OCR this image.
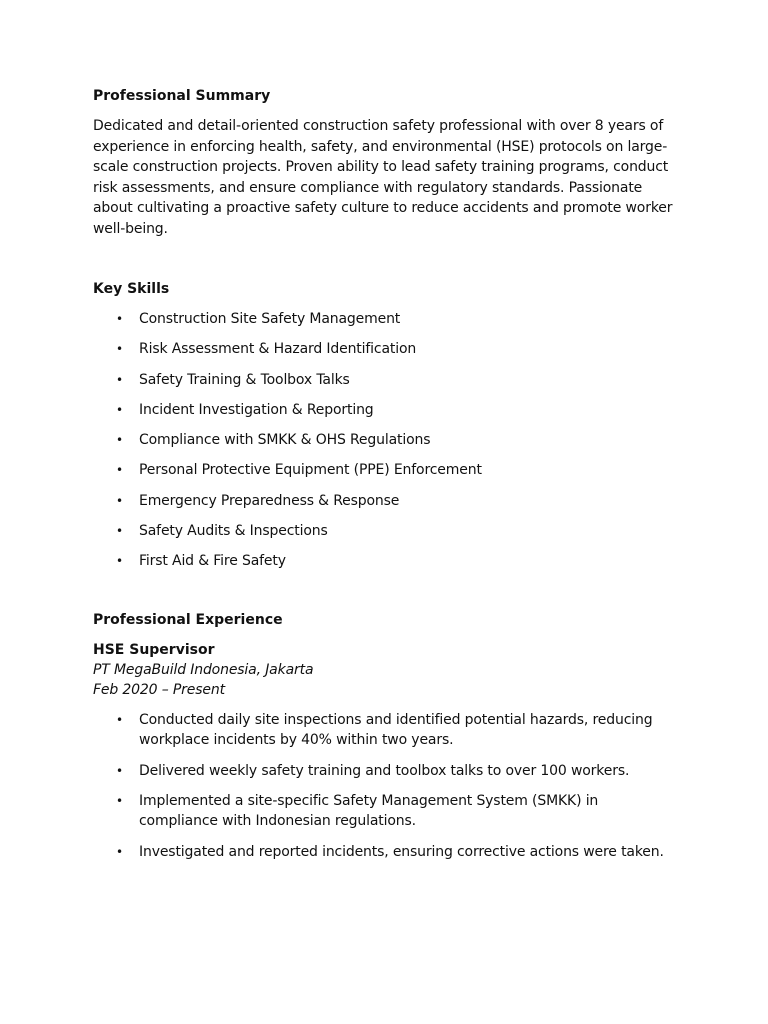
Professional Summary

Dedicated and detail-oriented construction safety professional with over 8 years of experience in enforcing health, safety, and environmental (HSE) protocols on large-scale construction projects. Proven ability to lead safety training programs, conduct risk assessments, and ensure compliance with regulatory standards. Passionate about cultivating a proactive safety culture to reduce accidents and promote worker well-being.

Key Skills
• Construction Site Safety Management
• Risk Assessment & Hazard Identification
• Safety Training & Toolbox Talks
• Incident Investigation & Reporting
• Compliance with SMKK & OHS Regulations
• Personal Protective Equipment (PPE) Enforcement
• Emergency Preparedness & Response
• Safety Audits & Inspections
• First Aid & Fire Safety
Professional Experience
HSE Supervisor
PT MegaBuild Indonesia, Jakarta
Feb 2020 – Present
• Conducted daily site inspections and identified potential hazards, reducing workplace incidents by 40% within two years.
• Delivered weekly safety training and toolbox talks to over 100 workers.
• Implemented a site-specific Safety Management System (SMKK) in compliance with Indonesian regulations.
• Investigated and reported incidents, ensuring corrective actions were taken.
